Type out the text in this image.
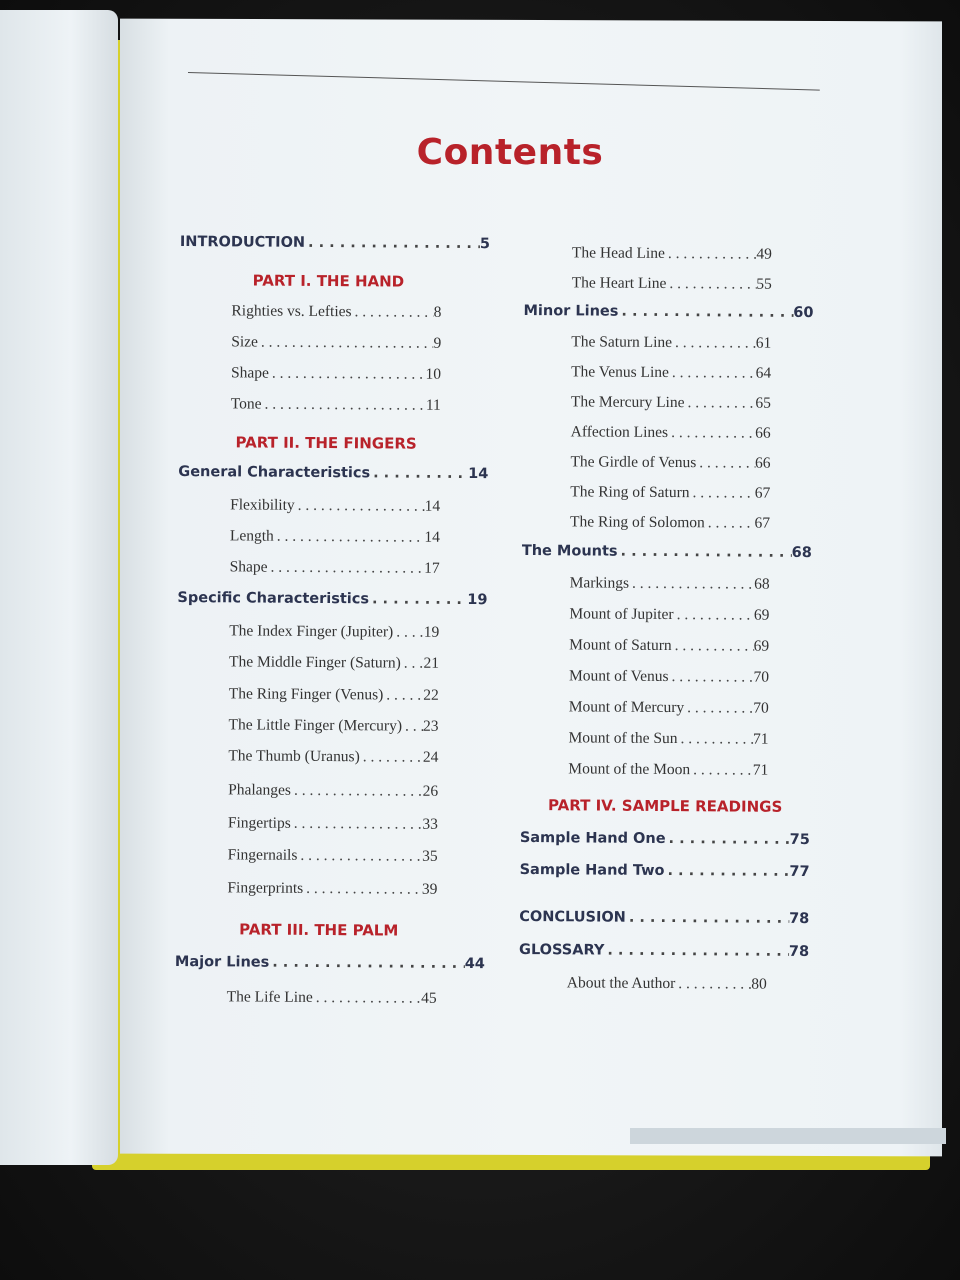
Contents
INTRODUCTION . . .	5
PART I. THE HAND
Righties vs. Lefties . . .	8
Size . . .	9
Shape . . .	10
Tone . . .	11
PART II. THE FINGERS
General Characteristics . . .	14
Flexibility . . .	14
Length . . .	14
Shape . . .	17
Specific Characteristics . . .	19
The Index Finger (Jupiter) . . . 19
The Middle Finger (Saturn) . . . 21
The Ring Finger (Venus) . . .	22
The Little Finger (Mercury) . . . 23
The Thumb (Uranus) . . .	24
Phalanges . . .	26
Fingertips . . .	33
Fingernails . . .	35
Fingerprints . . .	39
PART III. THE PALM
Major Lines . . .	44
The Life Line . . .	45
The Head Line . . .	49
The Heart Line . . .	55
Minor Lines . . .	60
The Saturn Line . . .	61
The Venus Line . . .	64
The Mercury Line . . .	65
Affection Lines . . .	66
The Girdle of Venus . . .	66
The Ring of Saturn . . .	67
The Ring of Solomon . . .	67
The Mounts . . .	68
Markings . . .	68
Mount of Jupiter . . .	69
Mount of Saturn . . .	69
Mount of Venus . . .	70
Mount of Mercury . . .	70
Mount of the Sun . . .	71
Mount of the Moon . . .	71
PART IV. SAMPLE READINGS
Sample Hand One . . .	75
Sample Hand Two . . .	77
CONCLUSION . . .	78
GLOSSARY . . .	78
About the Author . . .	80
